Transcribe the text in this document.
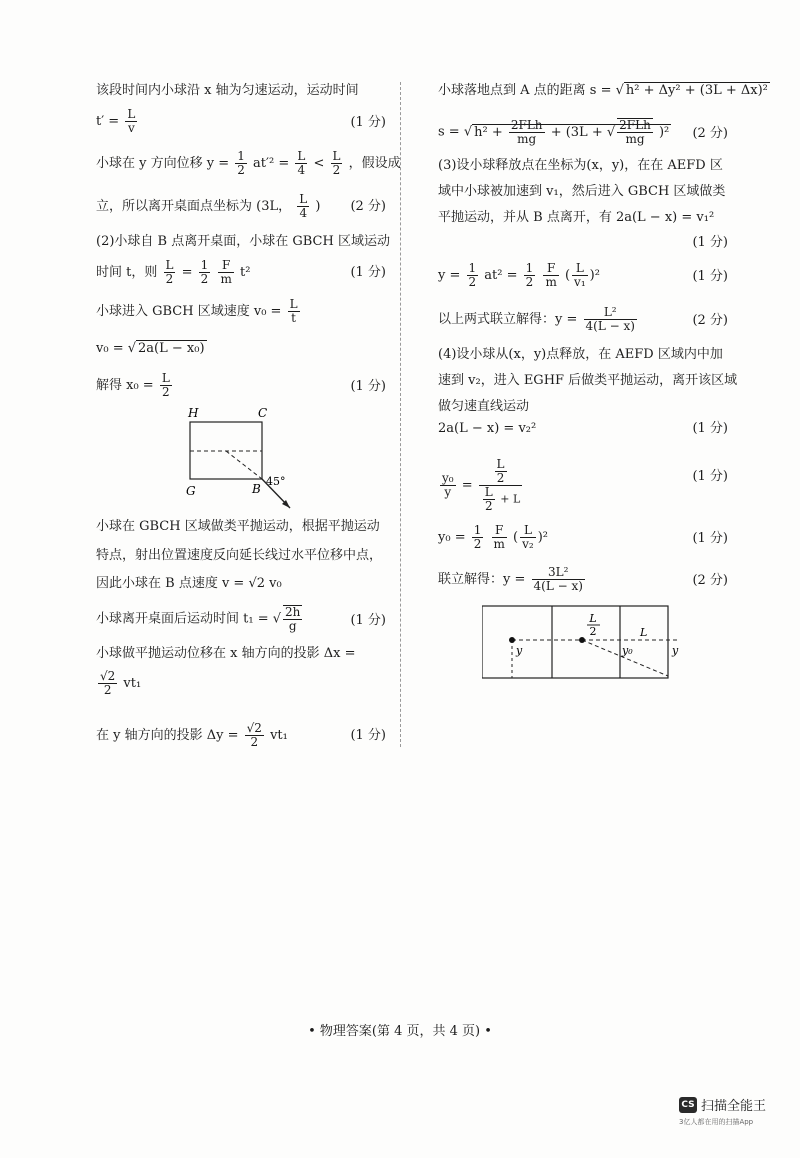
该段时间内小球沿 x 轴为匀速运动，运动时间
$t' = \frac{L}{v}$	(1 分)
小球在 y 方向位移 $y = \frac{1}{2} at'^2 = \frac{L}{4} < \frac{L}{2}$ ，假设成
立，所以离开桌面点坐标为 (3L， $\frac{L}{4}$ )	(2 分)
(2)小球自 B 点离开桌面，小球在 GBCH 区域运动
时间 t，则 $\frac{L}{2} = \frac{1}{2}$
$\frac{F}{m} t^2$	(1 分)
小球进入 GBCH 区域速度 $v_0 = \frac{L}{t}$
v₀ = √ 2a(L − x₀)
解得 $x_0 = \frac{L}{2}$	(1 分)
H	C
G	B
45°
小球在 GBCH 区域做类平抛运动，根据平抛运动
特点，射出位置速度反向延长线过水平位移中点，
因此小球在 B 点速度 v = √2 v₀
小球离开桌面后运动时间 t₁ = √ $\frac{2h}{g}$	(1 分)
小球做平抛运动位移在 x 轴方向的投影 Δx =
$\frac{√2}{2} vt_1$
在 y 轴方向的投影 $\Delta y = \frac{√2}{2} vt_1$	(1 分)
小球落地点到 A 点的距离 s = √ h² + Δy² + (3L + Δx)²
s = √ $h^2 + \frac{\text{2FLh}}{mg} + (3L$ + √ $\frac{\text{2FLh}}{mg} )^2$	(2 分)
(3)设小球释放点在坐标为(x，y)，在在 AEFD 区
域中小球被加速到 v₁，然后进入 GBCH 区域做类
平抛运动，并从 B 点离开，有 2a(L − x) = v₁²
(1 分)
$y = \frac{1}{2} at^2 = \frac{1}{2}$
$\frac{F}{m}$ ( $\frac{L}{\text{v₁}} )^2$	(1 分)
以上两式联立解得：$y = \frac{\text{L²}}{4(L - x)}$	(2 分)
(4)设小球从(x，y)点释放，在 AEFD 区域内中加
速到 v₂，进入 EGHF 后做类平抛运动，离开该区域
做匀速直线运动
2a(L − x) = v₂²	(1 分)
$\frac{\text{y₀}}{y} = \frac{\frac{L}{2}}{\frac{L}{2} + L}$	(1 分)
$y_0 = \frac{1}{2}$
$\frac{F}{m}$ ( $\frac{L}{\text{v₂}} )^2$	(1 分)
联立解得：$y = \frac{\text{3L²}}{4(L - x)}$	(2 分)
L
2	L
y	y₀	y
• 物理答案(第 4 页，共 4 页) •
CS 扫描全能王
3亿人都在用的扫描App
